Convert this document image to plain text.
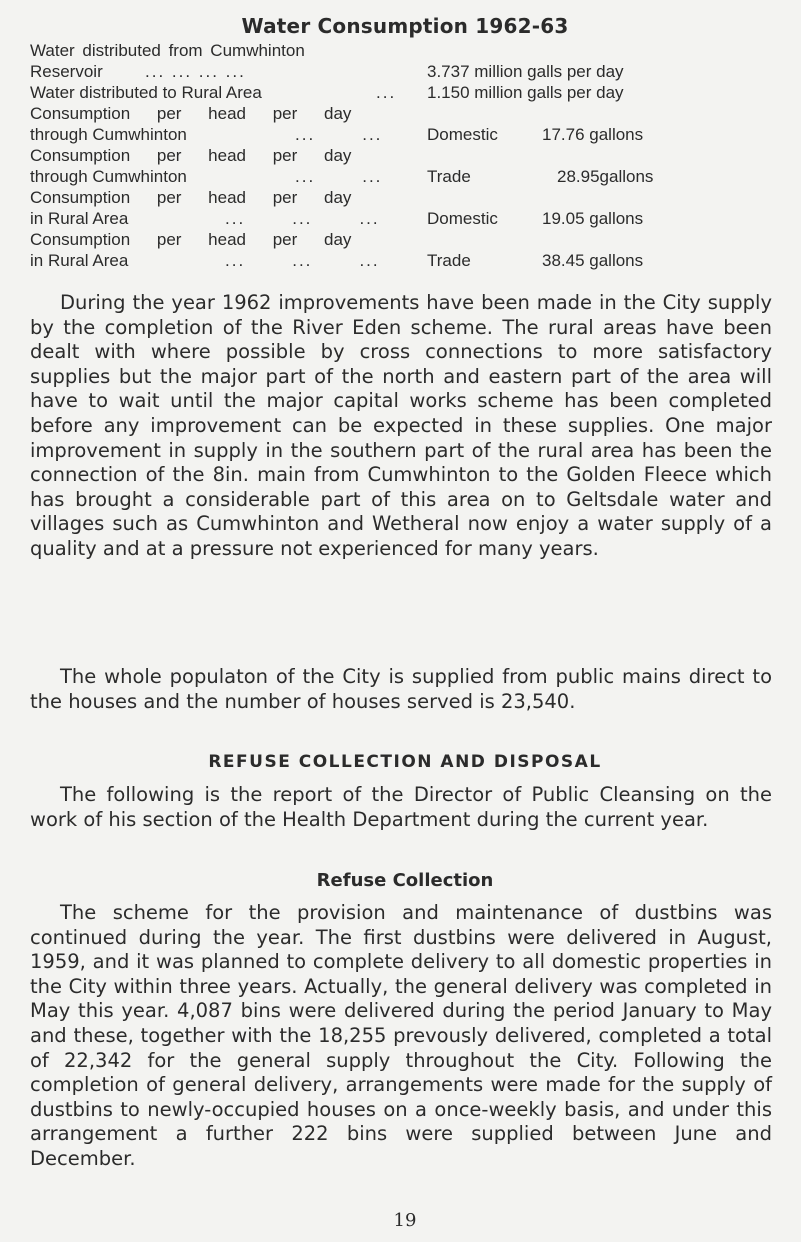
Water Consumption 1962-63
Water distributed from Cumwhinton
Reservoir ... ... ... ...	3.737 million galls per day
Water distributed to Rural Area	... 1.150 million galls per day
Consumption per head per day
through Cumwhinton	...       ...	Domestic	17.76 gallons
Consumption per head per day
through Cumwhinton	...       ...	Trade	28.95gallons
Consumption per head per day
in Rural Area	...       ...       ...	Domestic	19.05 gallons
Consumption per head per day
in Rural Area	...       ...       ...	Trade	38.45 gallons

During the year 1962 improvements have been made in the City supply by the completion of the River Eden scheme. The rural areas have been dealt with where possible by cross connections to more satisfactory supplies but the major part of the north and eastern part of the area will have to wait until the major capital works scheme has been completed before any improvement can be expected in these supplies. One major improvement in supply in the southern part of the rural area has been the connection of the 8in. main from Cumwhinton to the Golden Fleece which has brought a considerable part of this area on to Geltsdale water and villages such as Cumwhinton and Wetheral now enjoy a water supply of a quality and at a pressure not experienced for many years.

The whole populaton of the City is supplied from public mains direct to the houses and the number of houses served is 23,540.

REFUSE COLLECTION AND DISPOSAL

The following is the report of the Director of Public Cleansing on the work of his section of the Health Department during the current year.

Refuse Collection

The scheme for the provision and maintenance of dustbins was continued during the year. The first dustbins were delivered in August, 1959, and it was planned to complete delivery to all domestic properties in the City within three years. Actually, the general delivery was completed in May this year. 4,087 bins were delivered during the period January to May and these, together with the 18,255 prevously delivered, completed a total of 22,342 for the general supply throughout the City. Following the completion of general delivery, arrangements were made for the supply of dustbins to newly-occupied houses on a once-weekly basis, and under this arrangement a further 222 bins were supplied between June and December.

19
